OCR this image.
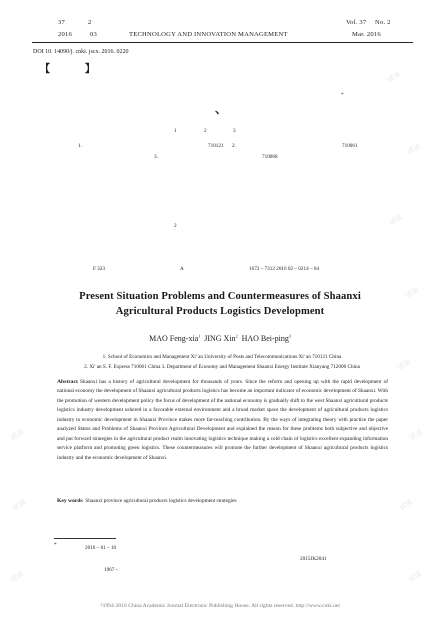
37	2	Vol. 37 No. 2
2016	03	TECHNOLOGY AND INNOVATION MANAGEMENT	Mar. 2016
DOI 10. 14090/j. cnki. jscx. 2016. 0220
【	】
、
*
1	2	3
1.	710121 2.	710061
3.	710068
2
F 323	A	1672 – 7312 2016 02 – 0214 – 04
Present Situation Problems and Countermeasures of Shaanxi
Agricultural Products Logistics Development
MAO Feng-xia$^1$ JING Xin$^2$ HAO Bei-ping$^3$
1. School of Economics and Management Xi' an University of Posts and Telecommunications Xi' an 710121 China
2. Xi' an S. F. Express 710061 China 3. Department of Economy and Management Shaanxi Energy Institute Xianyang 712000 China
Abstract Shaanxi has a history of agricultural development for thousands of years. Since the reform and opening up with the rapid development of national economy the development of Shaanxi agricultural products logistics has become an important indicator of economic development of Shaanxi. With the promotion of western development policy the focus of development of the national economy is gradually shift to the west Shaanxi agricultural products logistics industry development ushered in a favorable external environment and a broad market space the development of agricultural products logistics industry to economic development in Shaanxi Province makes more far-reaching contribution. By the ways of integrating theory with practice the paper analyzed Status and Problems of Shaanxi Province Agricultural Development and explained the reason for these problems both subjective and objective and put forward strategies in the agricultural product realm innovating logistics technique making a cold chain of logistics excellent expanding information service platform and promoting green logistics. These countermeasures will promote the further development of Shaanxi agricultural products logistics industry and the economic development of Shaanxi.
Key words Shaanxi province agricultural products logistics development strategies
*	2016 – 01 – 10
2015JK2041
1967 –
?1994-2016 China Academic Journal Electronic Publishing House. All rights reserved. http://www.cnki.net
试读
试读
试读
试读
试读
试读
试读
试读
试读
试读
试读
